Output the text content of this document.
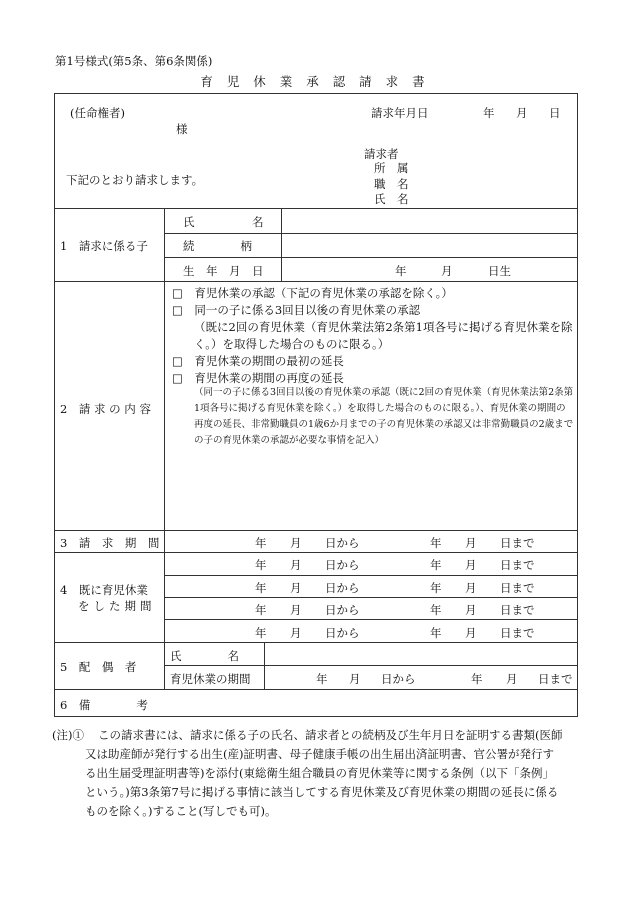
第1号様式(第5条、第6条関係)
育 児 休 業 承 認 請 求 書
(任命権者)
様
請求年月日	年 月 日
請求者
所　属
職　名
氏　名
下記のとおり請求します。
1　請求に係る子
氏　　　　　名
続　　　　柄
生　年　月　日	年	月	日生
2　請 求 の 内 容
□　育児休業の承認（下記の育児休業の承認を除く。）
□　同一の子に係る3回目以後の育児休業の承認
（既に2回の育児休業（育児休業法第2条第1項各号に掲げる育児休業を除
く。）を取得した場合のものに限る。）
□　育児休業の期間の最初の延長
□　育児休業の期間の再度の延長
（同一の子に係る3回目以後の育児休業の承認（既に2回の育児休業（育児休業法第2条第1項各号に掲げる育児休業を除く。）を取得した場合のものに限る。）、育児休業の期間の再度の延長、非常勤職員の1歳6か月までの子の育児休業の承認又は非常勤職員の2歳までの子の育児休業の承認が必要な事情を記入）
3　請　求　期　間	年 月 日から	年 月 日まで
4　既に育児休業
をした期間
年 月 日から	年 月 日まで
年 月 日から	年 月 日まで
年 月 日から	年 月 日まで
年 月 日から	年 月 日まで
5　配　偶　者
氏　　　　名
育児休業の期間	年 月 日から	年 月 日まで
6　備　　　　考
(注)① この請求書には、請求に係る子の氏名、請求者との続柄及び生年月日を証明する書類(医師
又は助産師が発行する出生(産)証明書、母子健康手帳の出生届出済証明書、官公署が発行す
る出生届受理証明書等)を添付(東総衛生組合職員の育児休業等に関する条例（以下「条例」
という。)第3条第7号に掲げる事情に該当してする育児休業及び育児休業の期間の延長に係る
ものを除く。)すること(写しでも可)。
